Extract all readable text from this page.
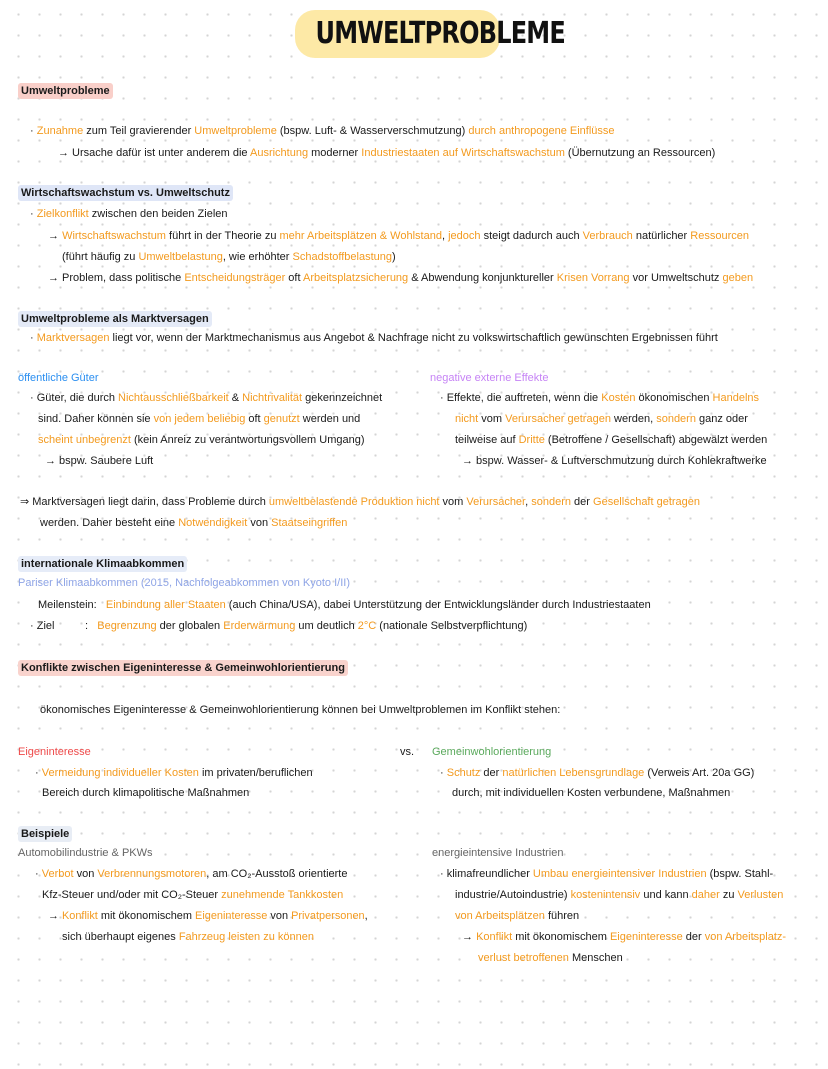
UMWELTPROBLEME
Umweltprobleme
· Zunahme zum Teil gravierender Umweltprobleme (bspw. Luft- & Wasserverschmutzung) durch anthropogene Einflüsse
→ Ursache dafür ist unter anderem die Ausrichtung moderner Industriestaaten auf Wirtschaftswachstum (Übernutzung an Ressourcen)
Wirtschaftswachstum vs. Umweltschutz
· Zielkonflikt zwischen den beiden Zielen
→ Wirtschaftswachstum führt in der Theorie zu mehr Arbeitsplätzen & Wohlstand, jedoch steigt dadurch auch Verbrauch natürlicher Ressourcen
(führt häufig zu Umweltbelastung, wie erhöhter Schadstoffbelastung)
→ Problem, dass politische Entscheidungsträger oft Arbeitsplatzsicherung & Abwendung konjunktureller Krisen Vorrang vor Umweltschutz geben
Umweltprobleme als Marktversagen
· Marktversagen liegt vor, wenn der Marktmechanismus aus Angebot & Nachfrage nicht zu volkswirtschaftlich gewünschten Ergebnissen führt
öffentliche Güter	negative externe Effekte
· Güter, die durch Nichtausschließbarkeit & Nichtrivalität gekennzeichnet
sind. Daher können sie von jedem beliebig oft genutzt werden und
scheint unbegrenzt (kein Anreiz zu verantwortungsvollem Umgang)
→ bspw. Saubere Luft
· Effekte, die auftreten, wenn die Kosten ökonomischen Handelns
nicht vom Verursacher getragen werden, sondern ganz oder
teilweise auf Dritte (Betroffene / Gesellschaft) abgewälzt werden
→ bspw. Wasser- & Luftverschmutzung durch Kohlekraftwerke
⇒ Marktversagen liegt darin, dass Probleme durch umweltbelastende Produktion nicht vom Verursacher, sondern der Gesellschaft getragen
werden. Daher besteht eine Notwendigkeit von Staatseingriffen
internationale Klimaabkommen
Pariser Klimaabkommen (2015, Nachfolgeabkommen von Kyoto I/II)
Meilenstein:   Einbindung aller Staaten (auch China/USA), dabei Unterstützung der Entwicklungsländer durch Industriestaaten
· Ziel          :   Begrenzung der globalen Erderwärmung um deutlich 2°C (nationale Selbstverpflichtung)
Konflikte zwischen Eigeninteresse & Gemeinwohlorientierung
ökonomisches Eigeninteresse & Gemeinwohlorientierung können bei Umweltproblemen im Konflikt stehen:
Eigeninteresse	vs. Gemeinwohlorientierung
· Vermeidung individueller Kosten im privaten/beruflichen
Bereich durch klimapolitische Maßnahmen
· Schutz der natürlichen Lebensgrundlage (Verweis Art. 20a GG)
durch, mit individuellen Kosten verbundene, Maßnahmen
Beispiele
Automobilindustrie & PKWs	energieintensive Industrien
· Verbot von Verbrennungsmotoren, am CO₂-Ausstoß orientierte
Kfz-Steuer und/oder mit CO₂-Steuer zunehmende Tankkosten
→ Konflikt mit ökonomischem Eigeninteresse von Privatpersonen,
sich überhaupt eigenes Fahrzeug leisten zu können
· klimafreundlicher Umbau energieintensiver Industrien (bspw. Stahl-
industrie/Autoindustrie) kostenintensiv und kann daher zu Verlusten
von Arbeitsplätzen führen
→ Konflikt mit ökonomischem Eigeninteresse der von Arbeitsplatz-
verlust betroffenen Menschen
